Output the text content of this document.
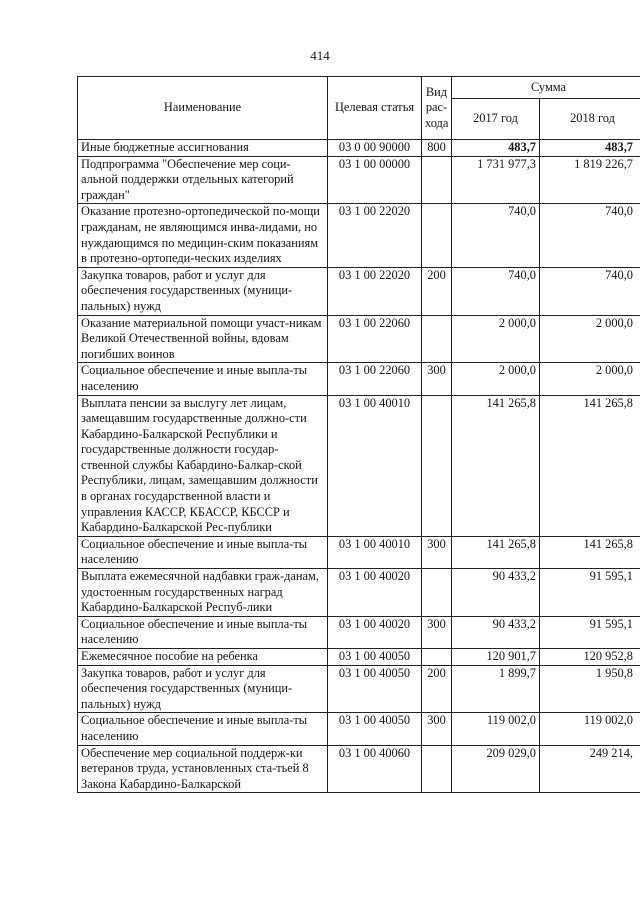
414
Наименование	Целевая статья	Вид рас-хода	Сумма	
			2017 год	2018 год
Иные бюджетные ассигнования	03 0 00 90000	800	483,7	483,7
Подпрограмма "Обеспечение мер соци-альной поддержки отдельных категорий граждан"	03 1 00 00000		1 731 977,3	1 819 226,7
Оказание протезно-ортопедической по-мощи гражданам, не являющимся инва-лидами, но нуждающимся по медицин-ским показаниям в протезно-ортопеди-ческих изделиях	03 1 00 22020		740,0	740,0
Закупка товаров, работ и услуг для обеспечения государственных (муници-пальных) нужд	03 1 00 22020	200	740,0	740,0
Оказание материальной помощи участ-никам Великой Отечественной войны, вдовам погибших воинов	03 1 00 22060		2 000,0	2 000,0
Социальное обеспечение и иные выпла-ты населению	03 1 00 22060	300	2 000,0	2 000,0
Выплата пенсии за выслугу лет лицам, замещавшим государственные должно-сти Кабардино-Балкарской Республики и государственные должности государ-ственной службы Кабардино-Балкар-ской Республики, лицам, замещавшим должности в органах государственной власти и управления КАССР, КБАССР, КБССР и Кабардино-Балкарской Рес-публики	03 1 00 40010		141 265,8	141 265,8
Социальное обеспечение и иные выпла-ты населению	03 1 00 40010	300	141 265,8	141 265,8
Выплата ежемесячной надбавки граж-данам, удостоенным государственных наград Кабардино-Балкарской Респуб-лики	03 1 00 40020		90 433,2	91 595,1
Социальное обеспечение и иные выпла-ты населению	03 1 00 40020	300	90 433,2	91 595,1
Ежемесячное пособие на ребенка	03 1 00 40050		120 901,7	120 952,8
Закупка товаров, работ и услуг для обеспечения государственных (муници-пальных) нужд	03 1 00 40050	200	1 899,7	1 950,8
Социальное обеспечение и иные выпла-ты населению	03 1 00 40050	300	119 002,0	119 002,0
Обеспечение мер социальной поддерж-ки ветеранов труда, установленных ста-тьей 8 Закона Кабардино-Балкарской	03 1 00 40060		209 029,0	249 214,
